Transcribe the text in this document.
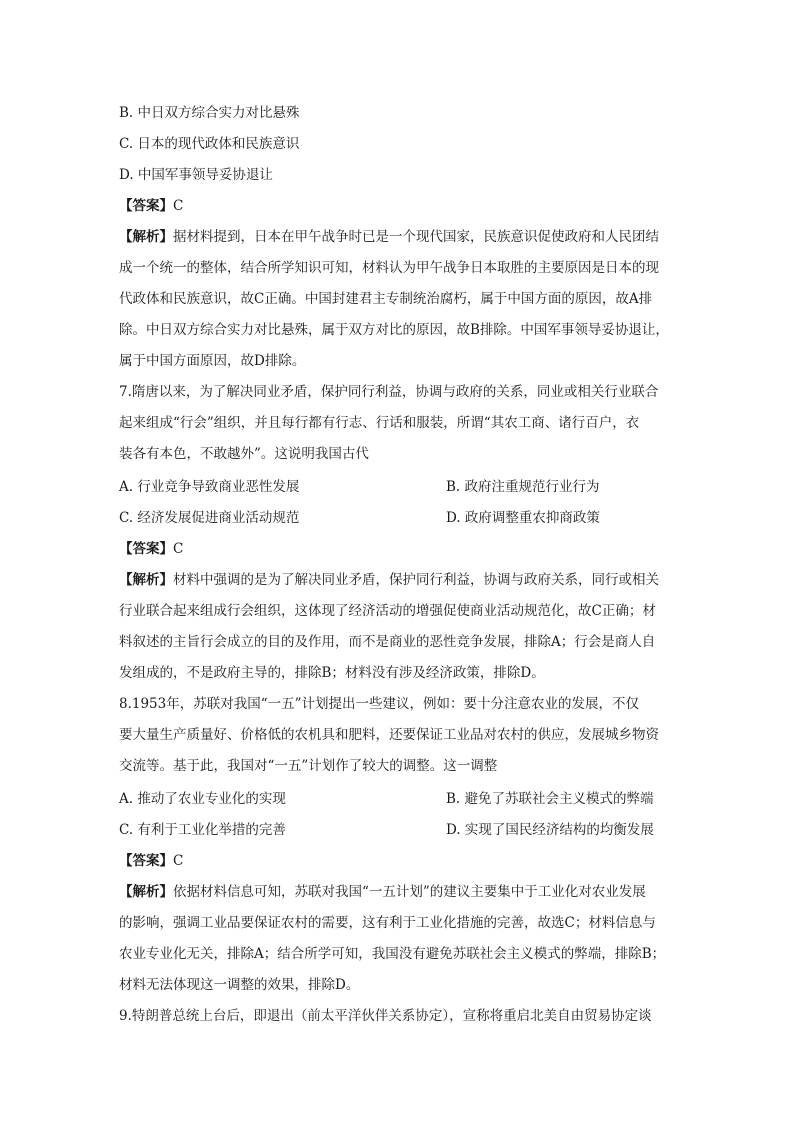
B. 中日双方综合实力对比悬殊
C. 日本的现代政体和民族意识
D. 中国军事领导妥协退让
【答案】C
【解析】据材料提到，日本在甲午战争时已是一个现代国家，民族意识促使政府和人民团结
成一个统一的整体，结合所学知识可知，材料认为甲午战争日本取胜的主要原因是日本的现
代政体和民族意识，故C正确。中国封建君主专制统治腐朽，属于中国方面的原因，故A排
除。中日双方综合实力对比悬殊，属于双方对比的原因，故B排除。中国军事领导妥协退让，
属于中国方面原因，故D排除。
7.隋唐以来，为了解决同业矛盾，保护同行利益，协调与政府的关系，同业或相关行业联合
起来组成“行会”组织，并且每行都有行志、行话和服装，所谓“其农工商、诸行百户，衣
装各有本色，不敢越外”。这说明我国古代
A. 行业竞争导致商业恶性发展	B. 政府注重规范行业行为
C. 经济发展促进商业活动规范	D. 政府调整重农抑商政策
【答案】C
【解析】材料中强调的是为了解决同业矛盾，保护同行利益，协调与政府关系，同行或相关
行业联合起来组成行会组织，这体现了经济活动的增强促使商业活动规范化，故C正确；材
料叙述的主旨行会成立的目的及作用，而不是商业的恶性竞争发展，排除A；行会是商人自
发组成的，不是政府主导的，排除B；材料没有涉及经济政策，排除D。
8.1953年，苏联对我国“一五”计划提出一些建议，例如：要十分注意农业的发展，不仅
要大量生产质量好、价格低的农机具和肥料，还要保证工业品对农村的供应，发展城乡物资
交流等。基于此，我国对“一五”计划作了较大的调整。这一调整
A. 推动了农业专业化的实现	B. 避免了苏联社会主义模式的弊端
C. 有利于工业化举措的完善	D. 实现了国民经济结构的均衡发展
【答案】C
【解析】依据材料信息可知，苏联对我国“一五计划”的建议主要集中于工业化对农业发展
的影响，强调工业品要保证农村的需要，这有利于工业化措施的完善，故选C；材料信息与
农业专业化无关，排除A；结合所学可知，我国没有避免苏联社会主义模式的弊端，排除B；
材料无法体现这一调整的效果，排除D。
9.特朗普总统上台后，即退出（前太平洋伙伴关系协定），宣称将重启北美自由贸易协定谈
